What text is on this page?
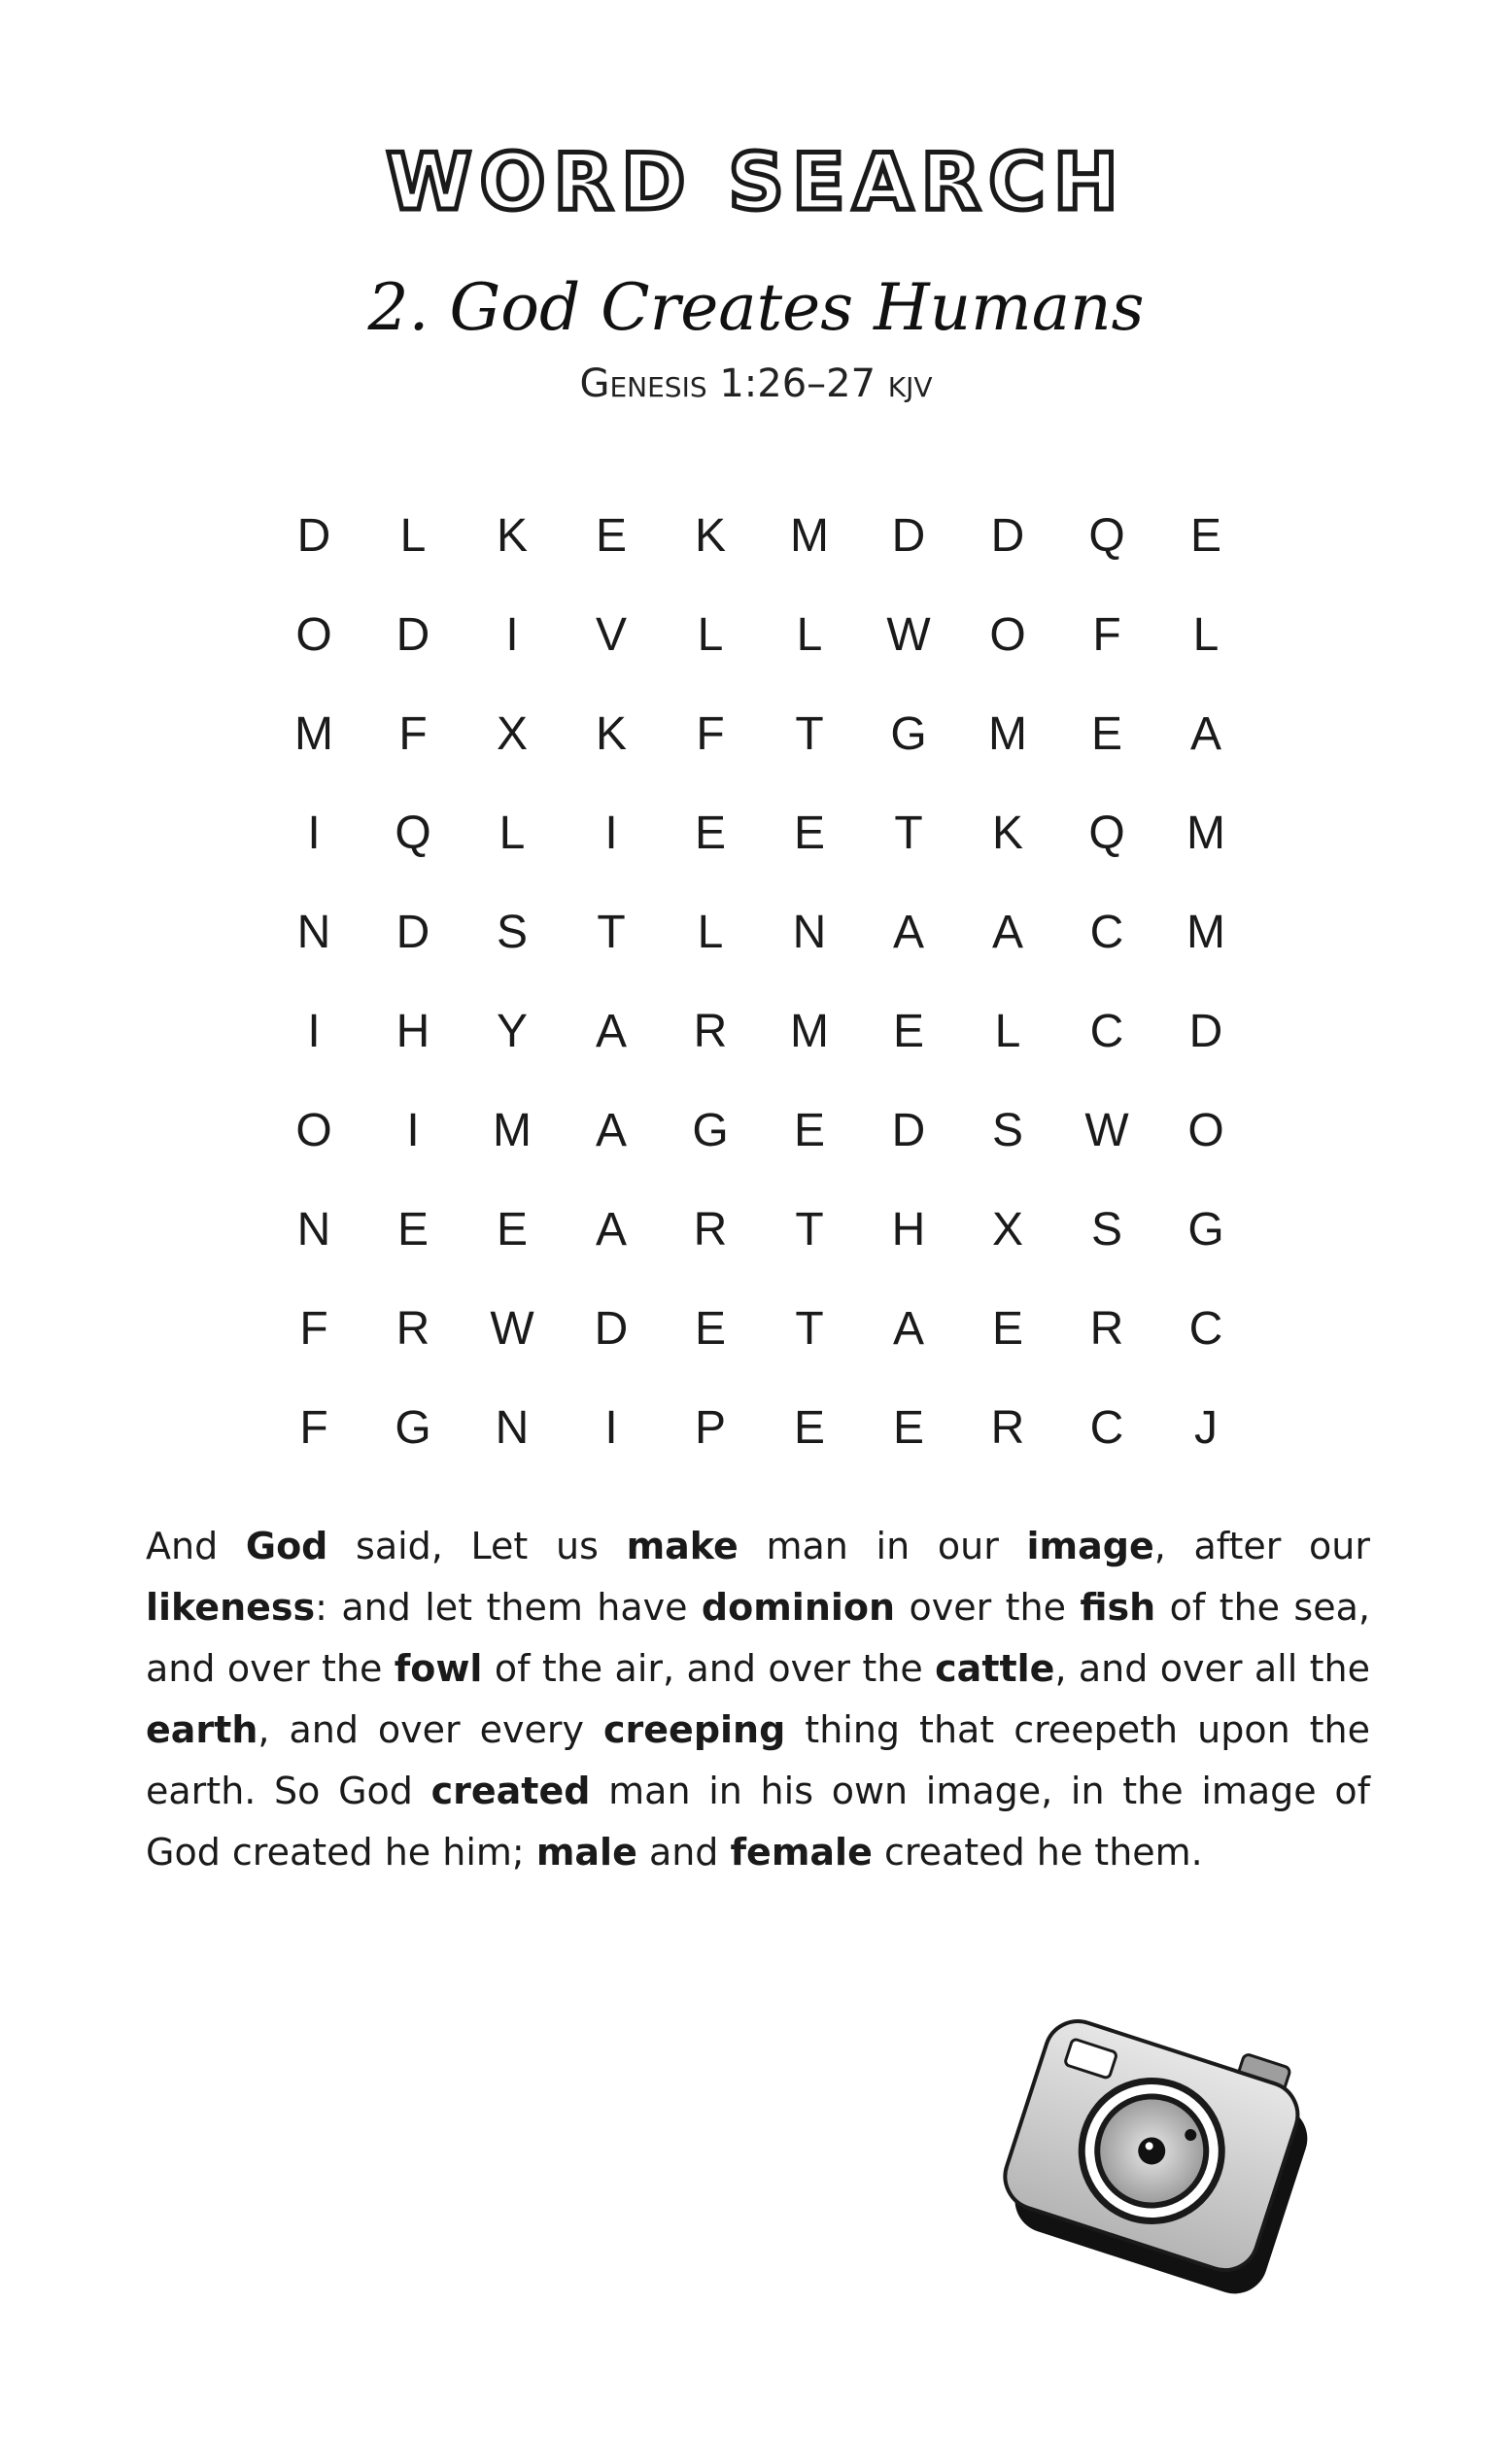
WORD SEARCH
2. God Creates Humans
Genesis 1:26–27 kjv
D	L	K	E	K	M	D	D	Q	E
O	D	I	V	L	L	W	O	F	L
M	F	X	K	F	T	G	M	E	A
I	Q	L	I	E	E	T	K	Q	M
N	D	S	T	L	N	A	A	C	M
I	H	Y	A	R	M	E	L	C	D
O	I	M	A	G	E	D	S	W	O
N	E	E	A	R	T	H	X	S	G
F	R	W	D	E	T	A	E	R	C
F	G	N	I	P	E	E	R	C	J
And God said, Let us make man in our image, after our likeness: and let them have dominion over the fish of the sea, and over the fowl of the air, and over the cattle, and over all the earth, and over every creeping thing that creepeth upon the earth. So God created man in his own image, in the image of God created he him; male and female created he them.
